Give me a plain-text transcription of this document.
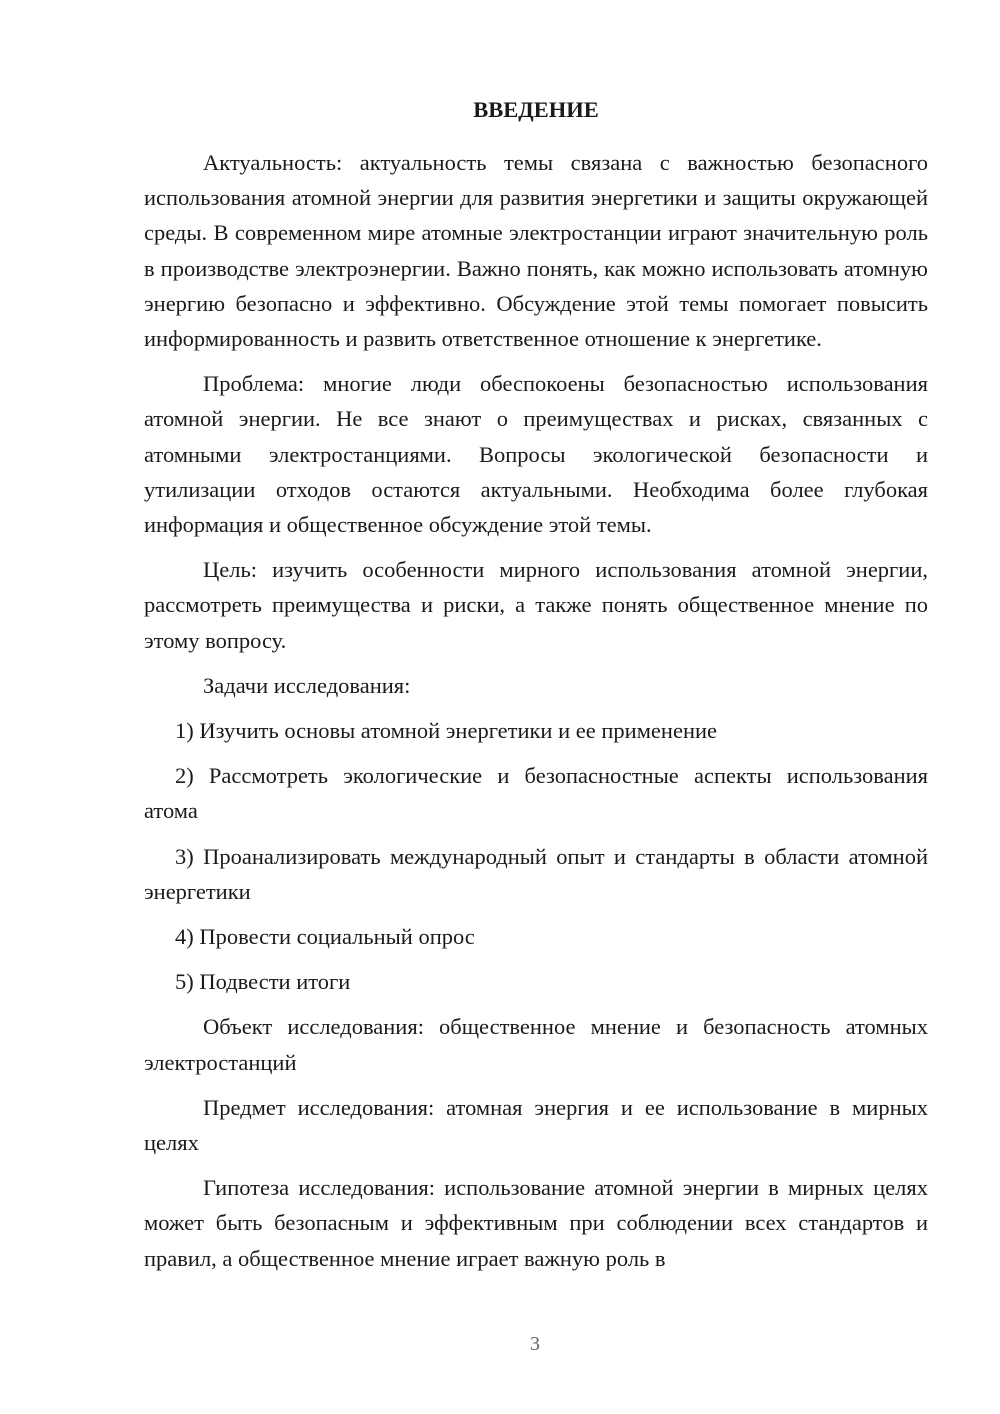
ВВЕДЕНИЕ

Актуальность: актуальность темы связана с важностью безопасного использования атомной энергии для развития энергетики и защиты окружающей среды. В современном мире атомные электростанции играют значительную роль в производстве электроэнергии. Важно понять, как можно использовать атомную энергию безопасно и эффективно. Обсуждение этой темы помогает повысить информированность и развить ответственное отношение к энергетике.

Проблема: многие люди обеспокоены безопасностью использования атомной энергии. Не все знают о преимуществах и рисках, связанных с атомными электростанциями. Вопросы экологической безопасности и утилизации отходов остаются актуальными. Необходима более глубокая информация и общественное обсуждение этой темы.

Цель: изучить особенности мирного использования атомной энергии, рассмотреть преимущества и риски, а также понять общественное мнение по этому вопросу.

Задачи исследования:

1) Изучить основы атомной энергетики и ее применение

2) Рассмотреть экологические и безопасностные аспекты использования атома

3) Проанализировать международный опыт и стандарты в области атомной энергетики

4) Провести социальный опрос

5) Подвести итоги

Объект исследования: общественное мнение и безопасность атомных электростанций

Предмет исследования: атомная энергия и ее использование в мирных целях

Гипотеза исследования: использование атомной энергии в мирных целях может быть безопасным и эффективным при соблюдении всех стандартов и правил, а общественное мнение играет важную роль в

3
